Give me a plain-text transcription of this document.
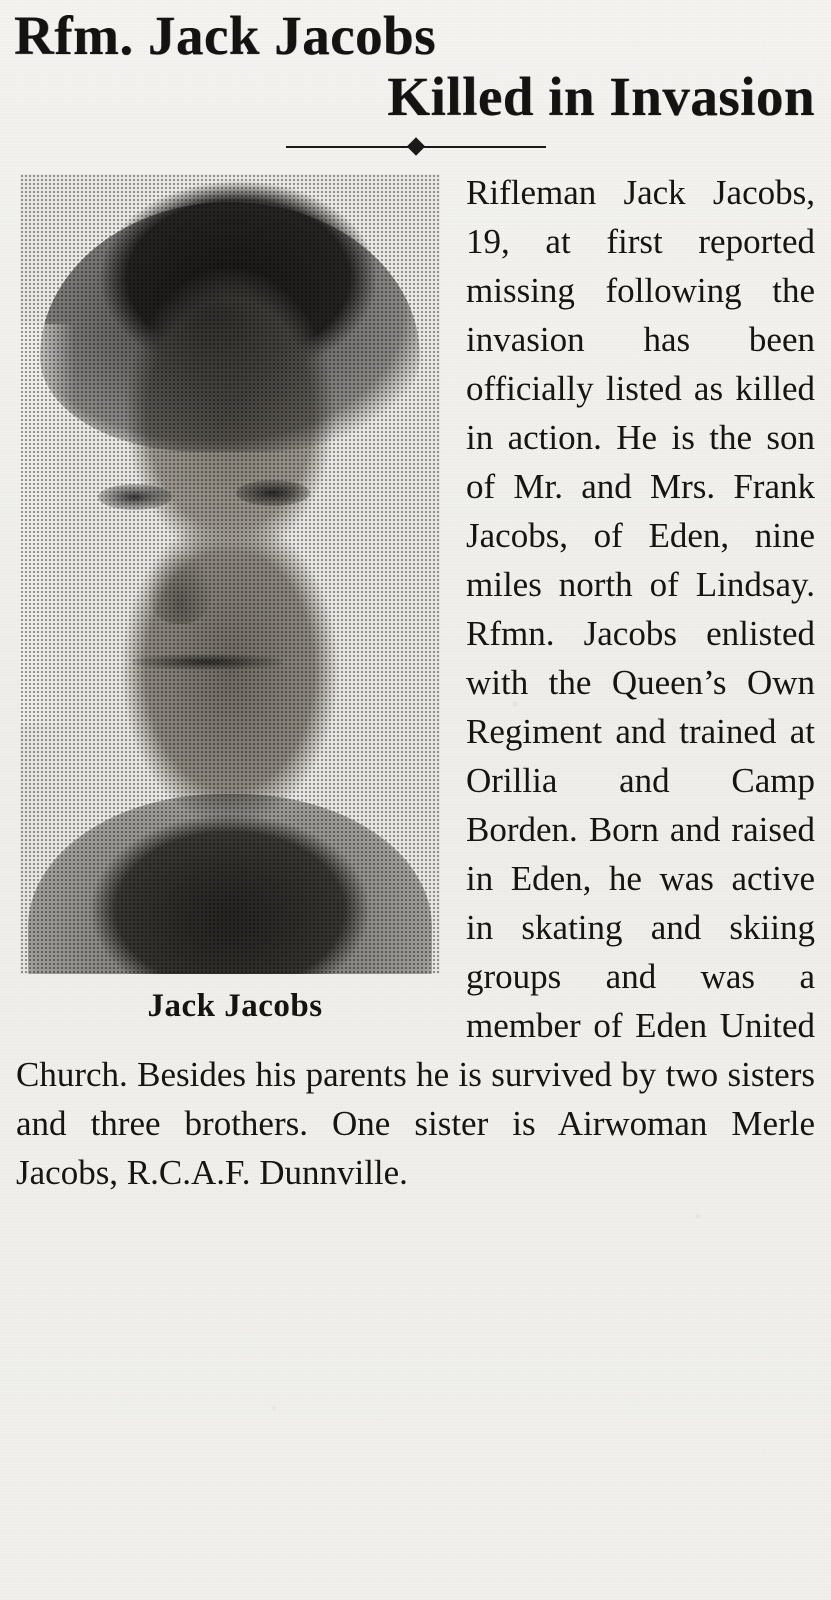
Rfm. Jack Jacobs
Killed in Invasion
Jack Jacobs

Rifleman Jack Jacobs, 19, at first reported missing following the invasion has been officially listed as killed in action. He is the son of Mr. and Mrs. Frank Jacobs, of Eden, nine miles north of Lindsay. Rfmn. Jacobs enlisted with the Queen’s Own Regiment and trained at Orillia and Camp Borden. Born and raised in Eden, he was active in skating and skiing groups and was a member of Eden United Church. Besides his parents he is survived by two sisters and three brothers. One sister is Airwoman Merle Jacobs, R.C.A.F. Dunnville.
